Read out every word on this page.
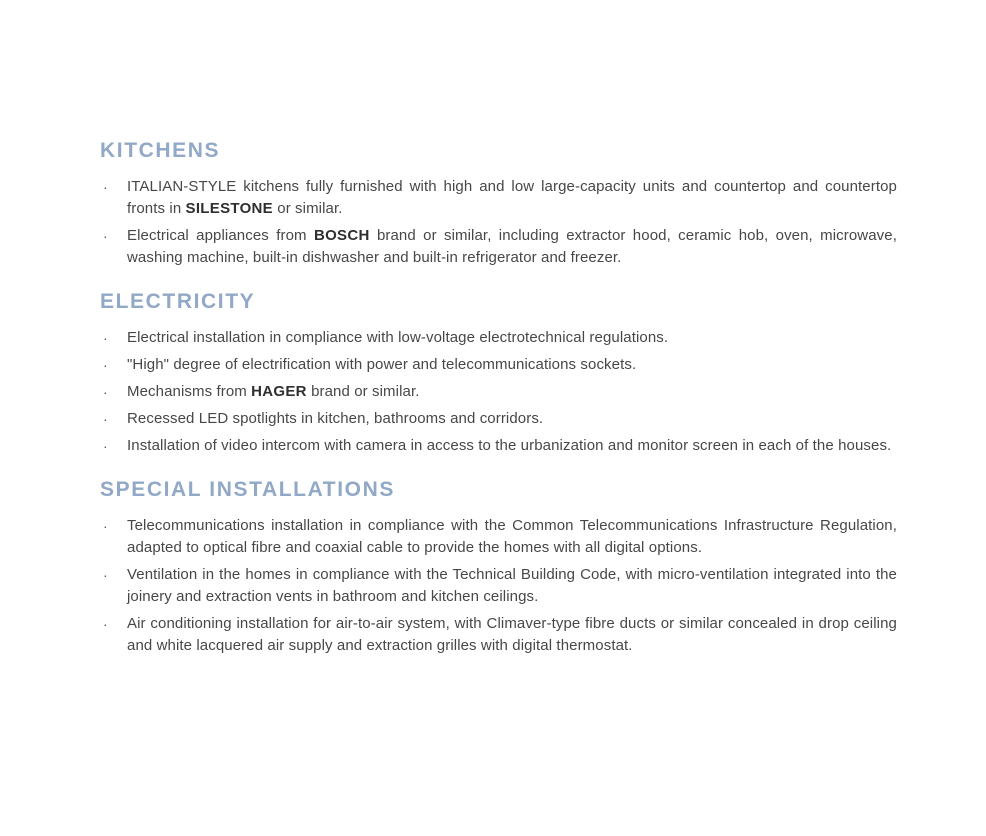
KITCHENS
·	ITALIAN-STYLE kitchens fully furnished with high and low large-capacity units and countertop and countertop fronts in SILESTONE or similar.

·	Electrical appliances from BOSCH brand or similar, including extractor hood, ceramic hob, oven, microwave, washing machine, built-in dishwasher and built-in refrigerator and freezer.

ELECTRICITY
·	Electrical installation in compliance with low-voltage electrotechnical regulations.

·	"High" degree of electrification with power and telecommunications sockets.

·	Mechanisms from HAGER brand or similar.

·	Recessed LED spotlights in kitchen, bathrooms and corridors.

·	Installation of video intercom with camera in access to the urbanization and monitor screen in each of the houses.

SPECIAL INSTALLATIONS
·	Telecommunications installation in compliance with the Common Telecommunications Infrastructure Regulation, adapted to optical fibre and coaxial cable to provide the homes with all digital options.

·	Ventilation in the homes in compliance with the Technical Building Code, with micro-ventilation integrated into the joinery and extraction vents in bathroom and kitchen ceilings.

·	Air conditioning installation for air-to-air system, with Climaver-type fibre ducts or similar concealed in drop ceiling and white lacquered air supply and extraction grilles with digital thermostat.
